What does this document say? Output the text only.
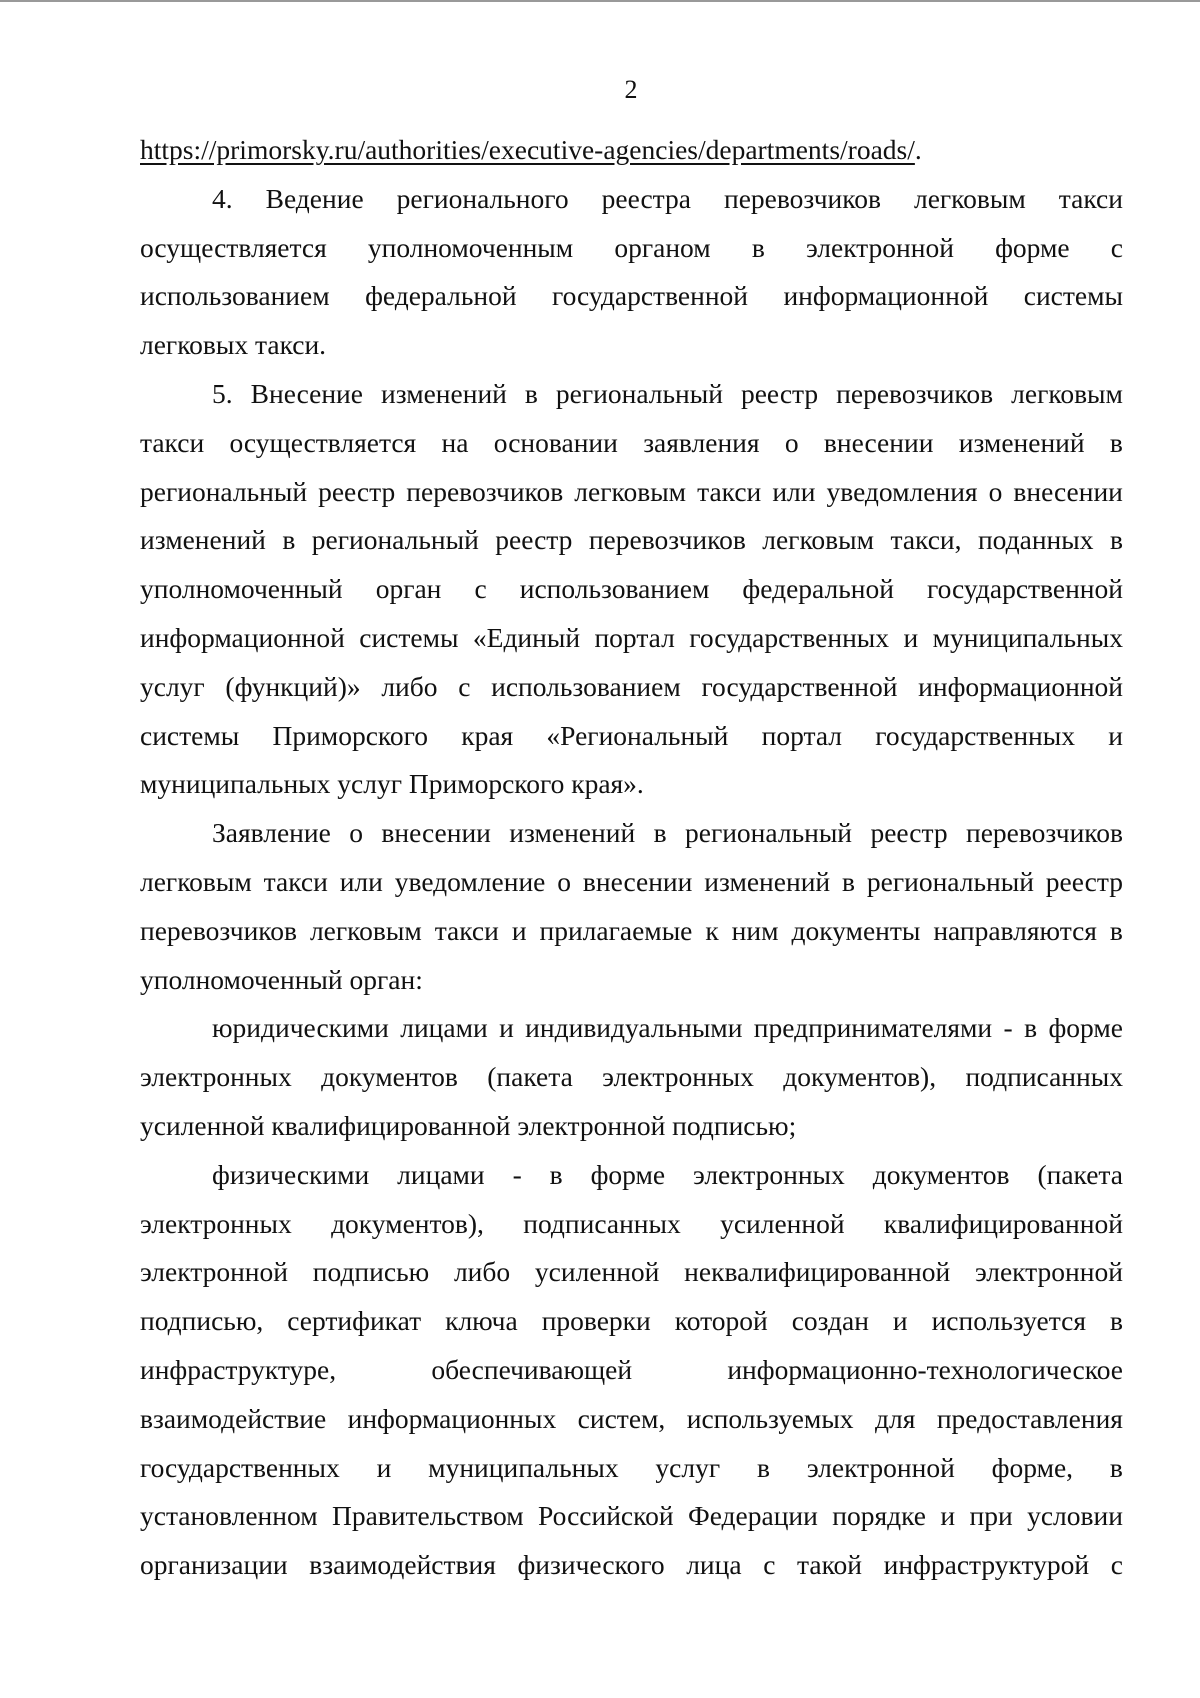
2
https://primorsky.ru/authorities/executive-agencies/departments/roads/.
4. Ведение регионального реестра перевозчиков легковым такси
осуществляется уполномоченным органом в электронной форме с
использованием федеральной государственной информационной системы
легковых такси.
5. Внесение изменений в региональный реестр перевозчиков легковым
такси осуществляется на основании заявления о внесении изменений в
региональный реестр перевозчиков легковым такси или уведомления о внесении
изменений в региональный реестр перевозчиков легковым такси, поданных в
уполномоченный орган с использованием федеральной государственной
информационной системы «Единый портал государственных и муниципальных
услуг (функций)» либо с использованием государственной информационной
системы Приморского края «Региональный портал государственных и
муниципальных услуг Приморского края».
Заявление о внесении изменений в региональный реестр перевозчиков
легковым такси или уведомление о внесении изменений в региональный реестр
перевозчиков легковым такси и прилагаемые к ним документы направляются в
уполномоченный орган:
юридическими лицами и индивидуальными предпринимателями - в форме
электронных документов (пакета электронных документов), подписанных
усиленной квалифицированной электронной подписью;
физическими лицами - в форме электронных документов (пакета
электронных документов), подписанных усиленной квалифицированной
электронной подписью либо усиленной неквалифицированной электронной
подписью, сертификат ключа проверки которой создан и используется в
инфраструктуре,	обеспечивающей	информационно-технологическое
взаимодействие информационных систем, используемых для предоставления
государственных и муниципальных услуг в электронной форме, в
установленном Правительством Российской Федерации порядке и при условии
организации взаимодействия физического лица с такой инфраструктурой с
